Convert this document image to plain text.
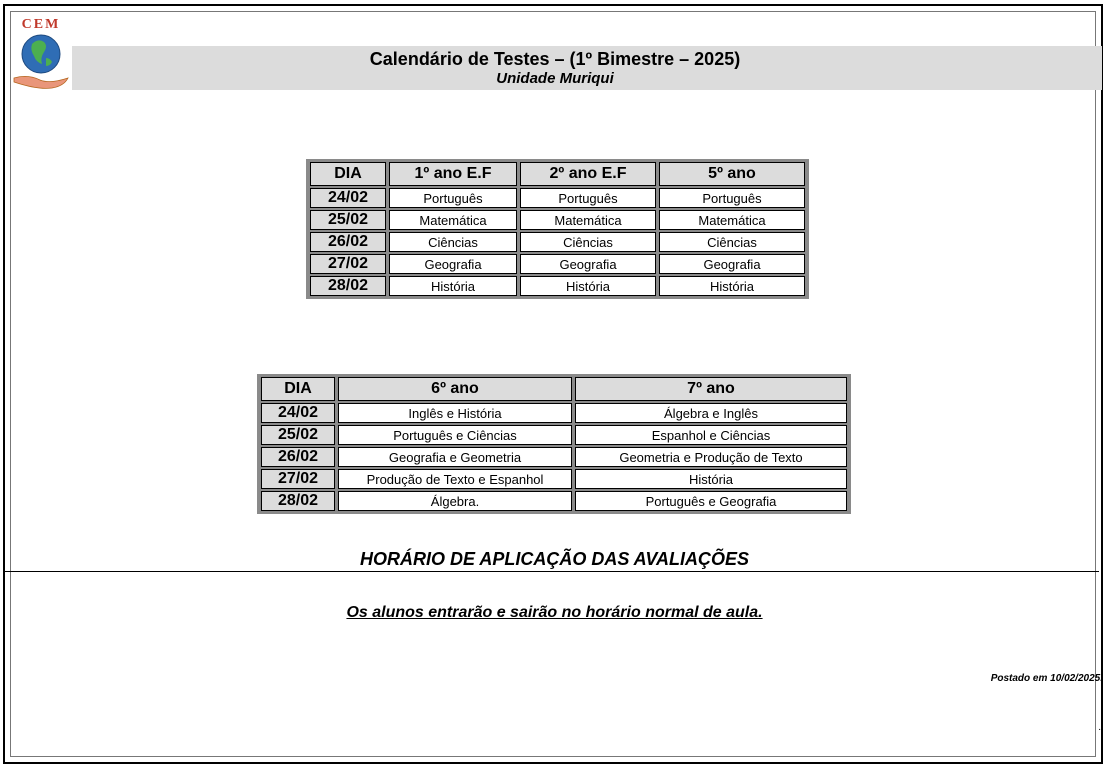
CEM
Calendário de Testes – (1º Bimestre – 2025)
Unidade Muriqui
DIA	1º ano E.F	2º ano E.F	5º ano
24/02	Português	Português	Português
25/02	Matemática	Matemática	Matemática
26/02	Ciências	Ciências	Ciências
27/02	Geografia	Geografia	Geografia
28/02	História	História	História
DIA	6º ano	7º ano
24/02	Inglês e História	Álgebra e Inglês
25/02	Português e Ciências	Espanhol e Ciências
26/02	Geografia e Geometria	Geometria e Produção de Texto
27/02	Produção de Texto e Espanhol	História
28/02	Álgebra.	Português e Geografia
HORÁRIO DE APLICAÇÃO DAS AVALIAÇÕES
Os alunos entrarão e sairão no horário normal de aula.
Postado em 10/02/2025.
.
